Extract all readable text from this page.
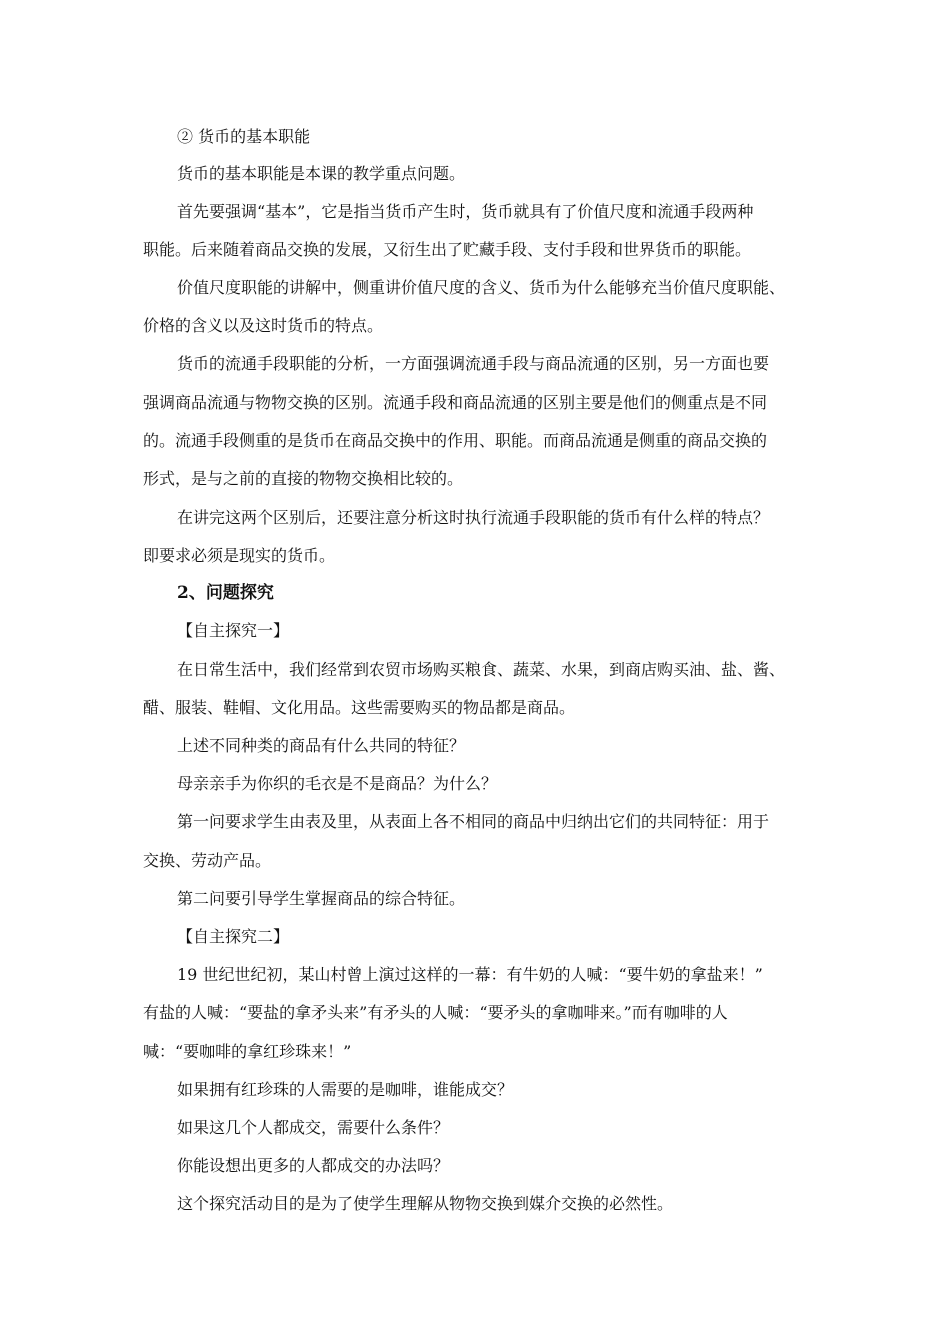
② 货币的基本职能

货币的基本职能是本课的教学重点问题。

首先要强调“基本”，它是指当货币产生时，货币就具有了价值尺度和流通手段两种

职能。后来随着商品交换的发展，又衍生出了贮藏手段、支付手段和世界货币的职能。

价值尺度职能的讲解中，侧重讲价值尺度的含义、货币为什么能够充当价值尺度职能、

价格的含义以及这时货币的特点。

货币的流通手段职能的分析，一方面强调流通手段与商品流通的区别，另一方面也要

强调商品流通与物物交换的区别。流通手段和商品流通的区别主要是他们的侧重点是不同

的。流通手段侧重的是货币在商品交换中的作用、职能。而商品流通是侧重的商品交换的

形式，是与之前的直接的物物交换相比较的。

在讲完这两个区别后，还要注意分析这时执行流通手段职能的货币有什么样的特点？

即要求必须是现实的货币。

2、问题探究

【自主探究一】

在日常生活中，我们经常到农贸市场购买粮食、蔬菜、水果，到商店购买油、盐、酱、

醋、服装、鞋帽、文化用品。这些需要购买的物品都是商品。

上述不同种类的商品有什么共同的特征？

母亲亲手为你织的毛衣是不是商品？为什么？

第一问要求学生由表及里，从表面上各不相同的商品中归纳出它们的共同特征：用于

交换、劳动产品。

第二问要引导学生掌握商品的综合特征。

【自主探究二】

19 世纪世纪初，某山村曾上演过这样的一幕：有牛奶的人喊：“要牛奶的拿盐来！”

有盐的人喊：“要盐的拿矛头来”有矛头的人喊：“要矛头的拿咖啡来。”而有咖啡的人

喊：“要咖啡的拿红珍珠来！”

如果拥有红珍珠的人需要的是咖啡，谁能成交？

如果这几个人都成交，需要什么条件？

你能设想出更多的人都成交的办法吗？

这个探究活动目的是为了使学生理解从物物交换到媒介交换的必然性。
